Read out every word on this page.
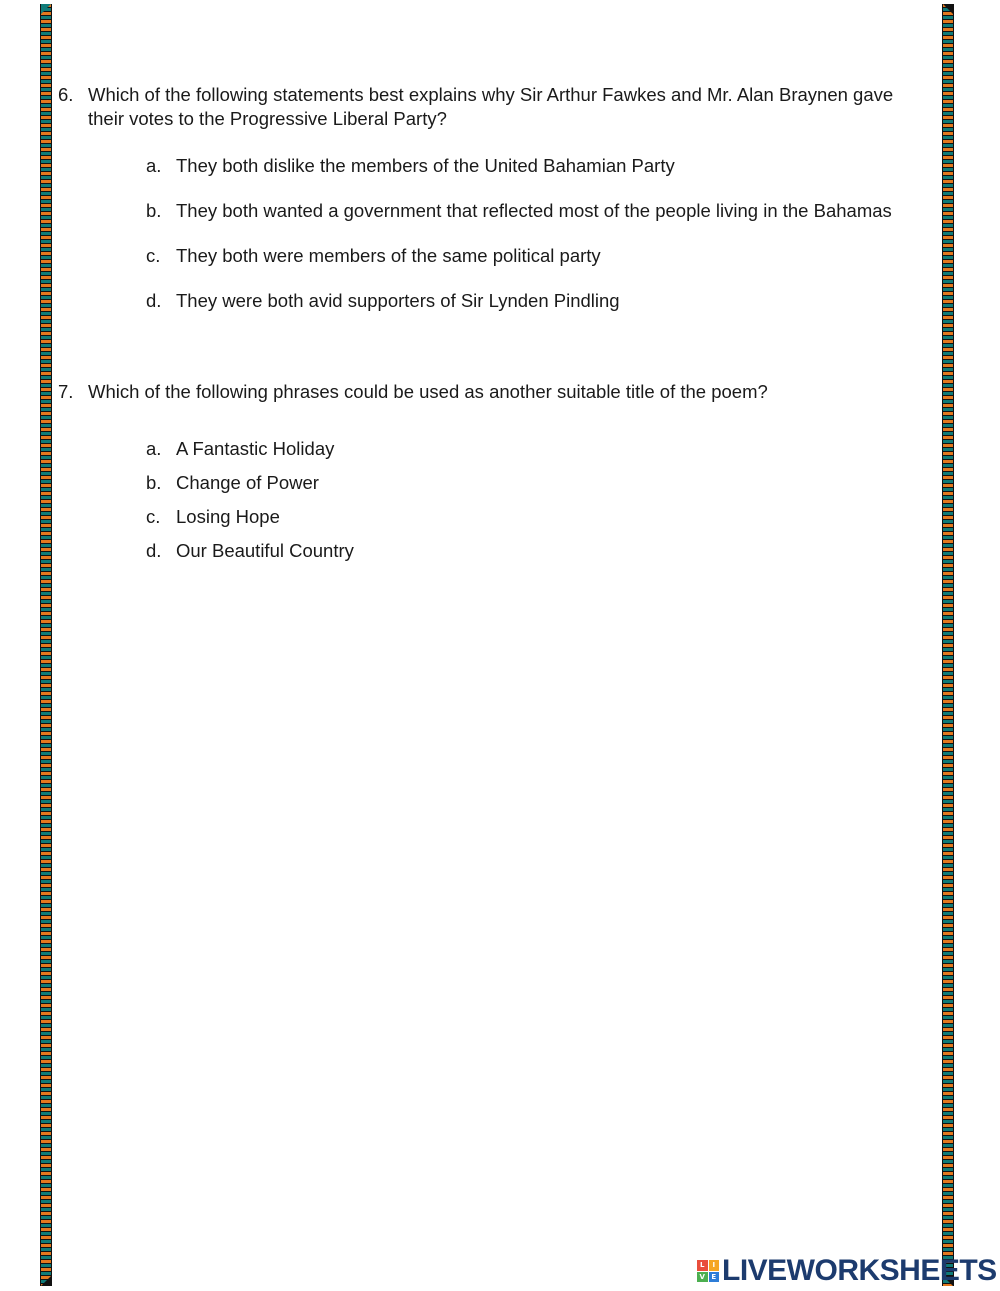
6. Which of the following statements best explains why Sir Arthur Fawkes and Mr. Alan Braynen gave their votes to the Progressive Liberal Party?
a. They both dislike the members of the United Bahamian Party
b. They both wanted a government that reflected most of the people living in the Bahamas
c. They both were members of the same political party
d. They were both avid supporters of Sir Lynden Pindling
7. Which of the following phrases could be used as another suitable title of the poem?
a. A Fantastic Holiday
b. Change of Power
c. Losing Hope
d. Our Beautiful Country
L	I
V E LIVEWORKSHEETS
